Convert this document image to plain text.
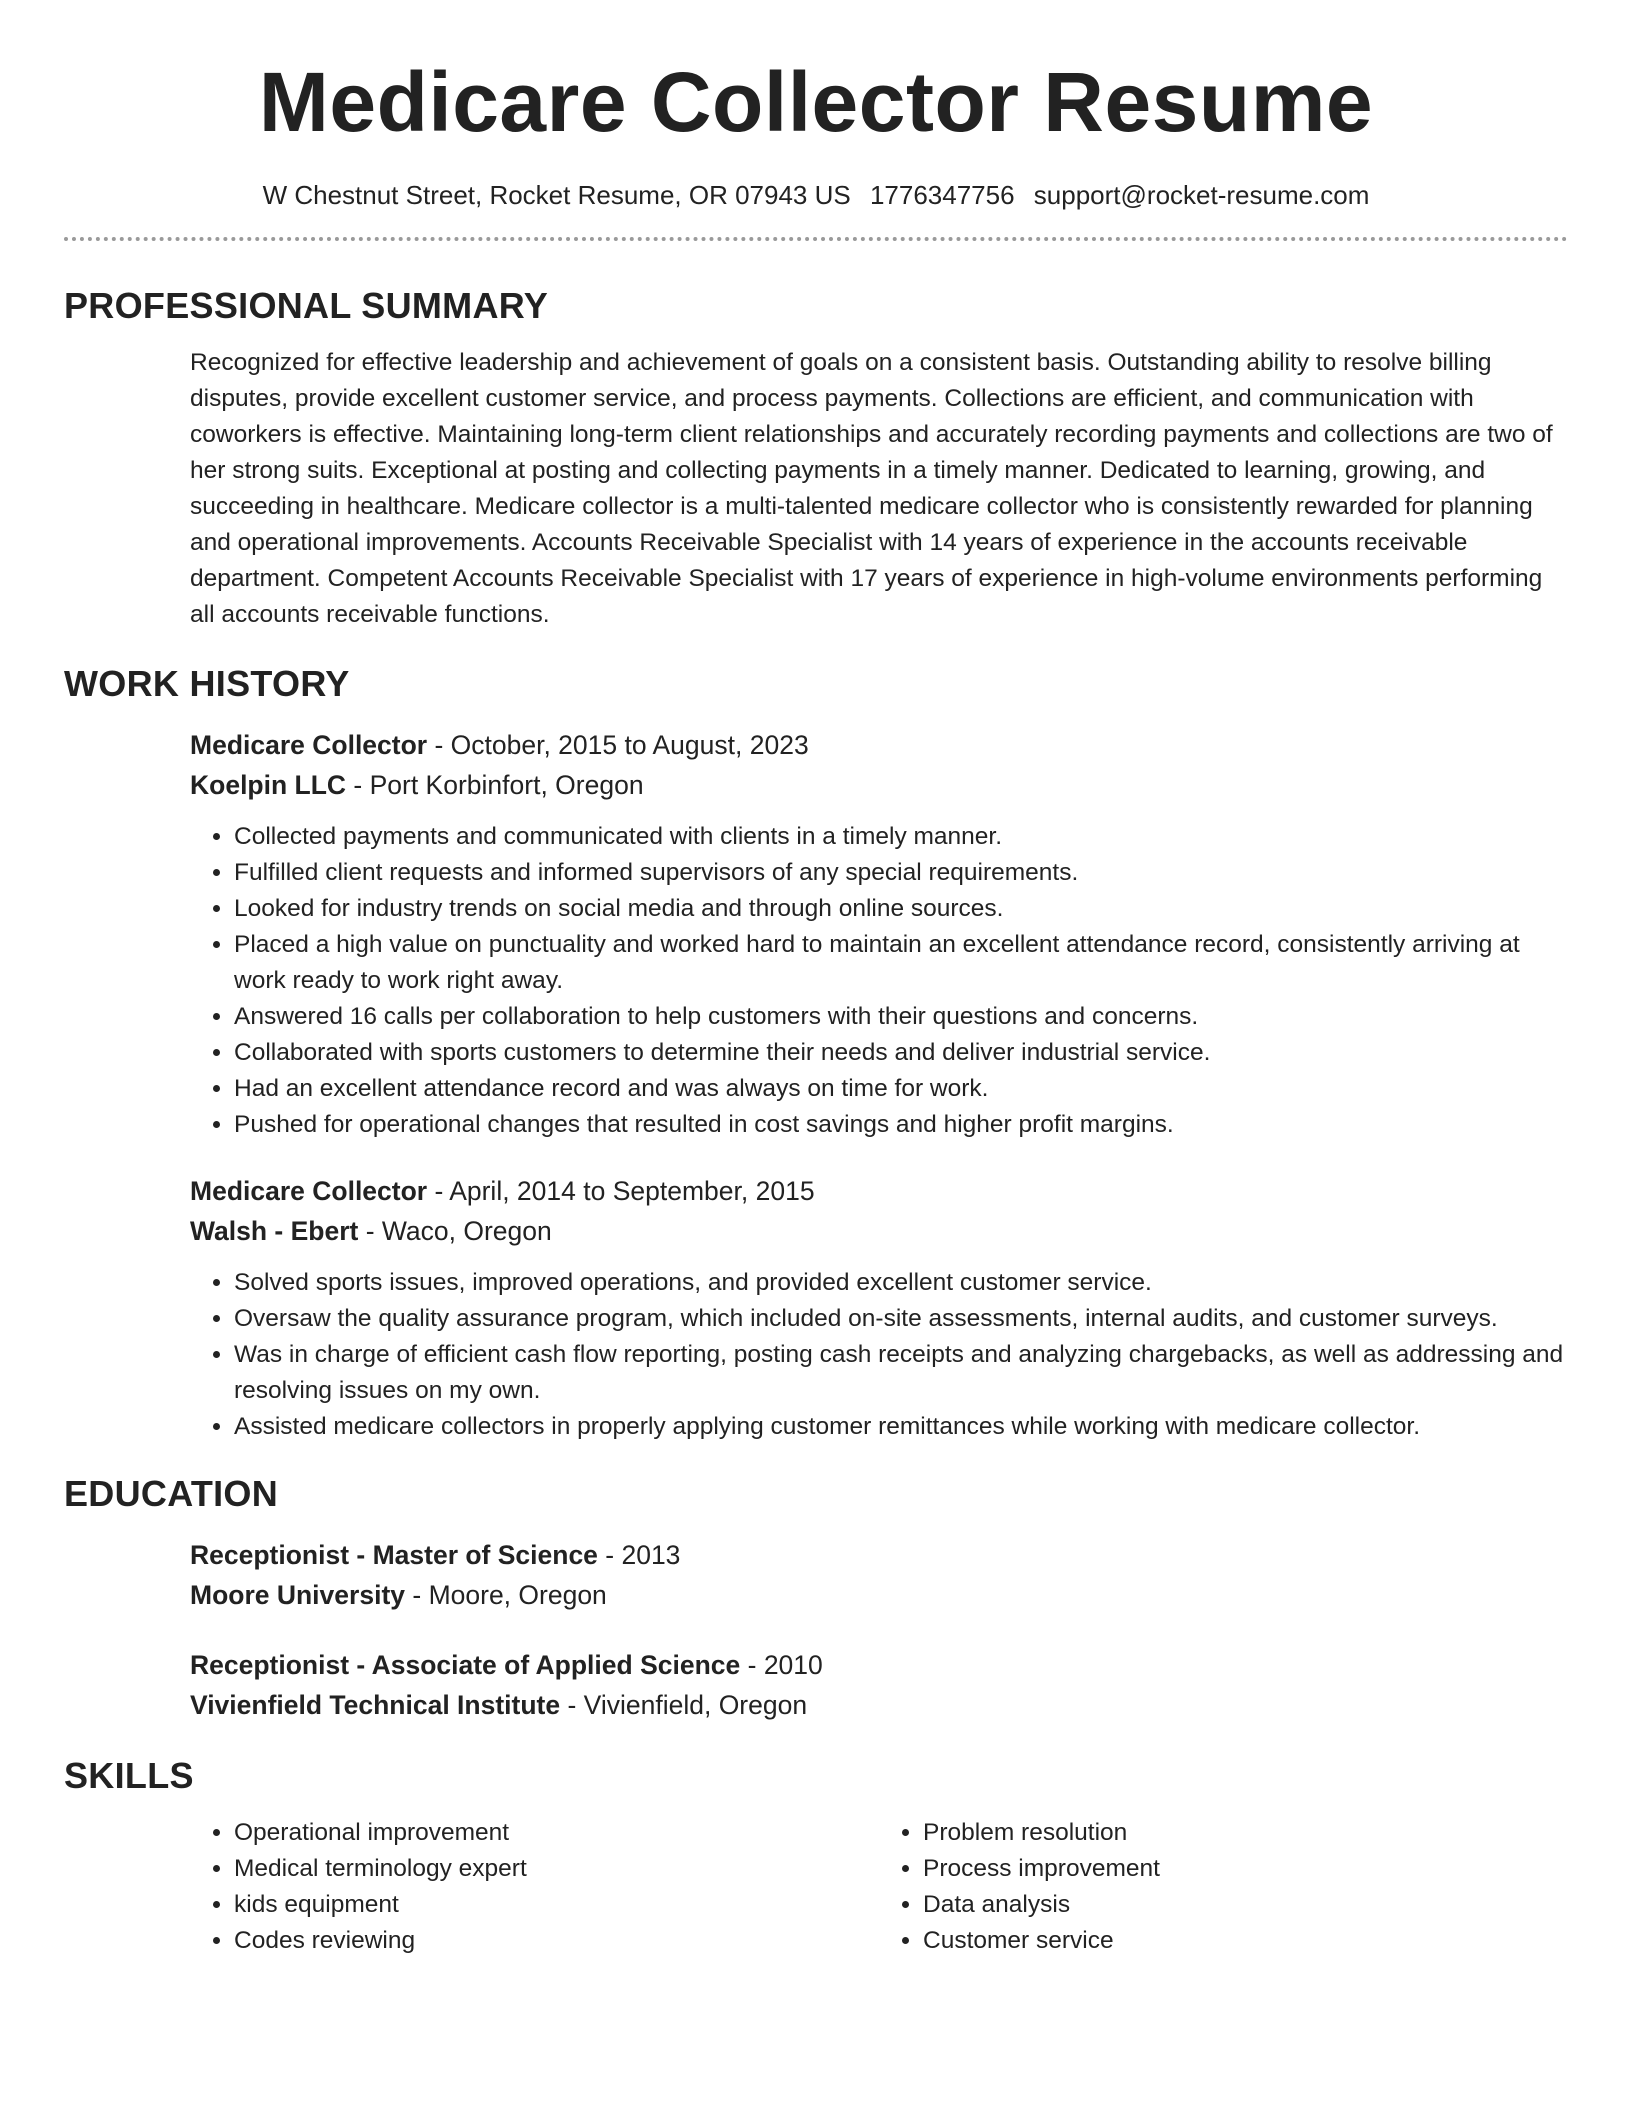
Medicare Collector Resume
W Chestnut Street, Rocket Resume, OR 07943 US 1776347756 support@rocket-resume.com
PROFESSIONAL SUMMARY

Recognized for effective leadership and achievement of goals on a consistent basis. Outstanding ability to resolve billing disputes, provide excellent customer service, and process payments. Collections are efficient, and communication with coworkers is effective. Maintaining long-term client relationships and accurately recording payments and collections are two of her strong suits. Exceptional at posting and collecting payments in a timely manner. Dedicated to learning, growing, and succeeding in healthcare. Medicare collector is a multi-talented medicare collector who is consistently rewarded for planning and operational improvements. Accounts Receivable Specialist with 14 years of experience in the accounts receivable department. Competent Accounts Receivable Specialist with 17 years of experience in high-volume environments performing all accounts receivable functions.

WORK HISTORY
Medicare Collector - October, 2015 to August, 2023
Koelpin LLC - Port Korbinfort, Oregon
• Collected payments and communicated with clients in a timely manner.
• Fulfilled client requests and informed supervisors of any special requirements.
• Looked for industry trends on social media and through online sources.
• Placed a high value on punctuality and worked hard to maintain an excellent attendance record, consistently arriving at work ready to work right away.
• Answered 16 calls per collaboration to help customers with their questions and concerns.
• Collaborated with sports customers to determine their needs and deliver industrial service.
• Had an excellent attendance record and was always on time for work.
• Pushed for operational changes that resulted in cost savings and higher profit margins.
Medicare Collector - April, 2014 to September, 2015
Walsh - Ebert - Waco, Oregon
• Solved sports issues, improved operations, and provided excellent customer service.
• Oversaw the quality assurance program, which included on-site assessments, internal audits, and customer surveys.
• Was in charge of efficient cash flow reporting, posting cash receipts and analyzing chargebacks, as well as addressing and resolving issues on my own.
• Assisted medicare collectors in properly applying customer remittances while working with medicare collector.
EDUCATION
Receptionist - Master of Science - 2013
Moore University - Moore, Oregon
Receptionist - Associate of Applied Science - 2010
Vivienfield Technical Institute - Vivienfield, Oregon
SKILLS
• Operational improvement
• Medical terminology expert
• kids equipment
• Codes reviewing
• Problem resolution
• Process improvement
• Data analysis
• Customer service
